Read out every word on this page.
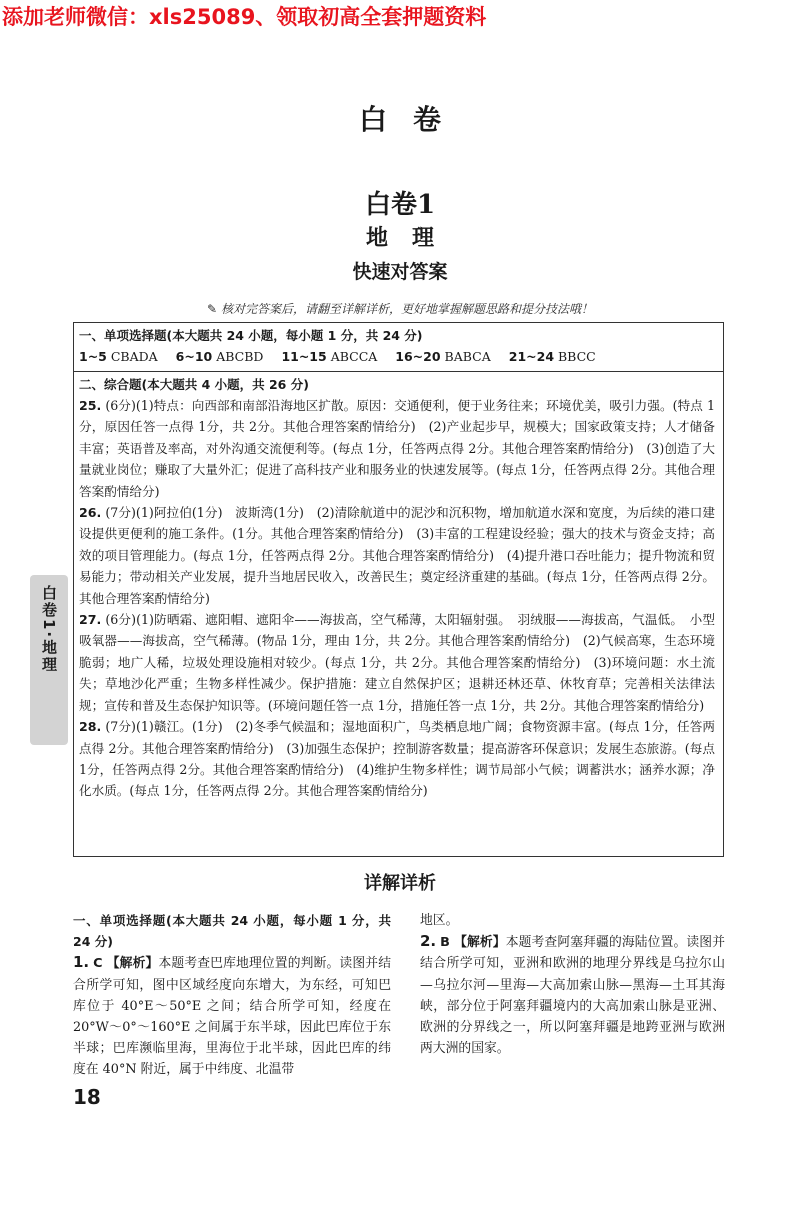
添加老师微信：xls25089、领取初高全套押题资料
白卷
白卷1
地理
快速对答案
✎ 核对完答案后，请翻至详解详析，更好地掌握解题思路和提分技法哦！
一、单项选择题(本大题共 24 小题，每小题 1 分，共 24 分)
1~5 CBADA 6~10 ABCBD 11~15 ABCCA 16~20 BABCA 21~24 BBCC
二、综合题(本大题共 4 小题，共 26 分)
25. (6分)(1)特点：向西部和南部沿海地区扩散。原因：交通便利，便于业务往来；环境优美，吸引力强。(特点 1分，原因任答一点得 1分，共 2分。其他合理答案酌情给分)　(2)产业起步早，规模大；国家政策支持；人才储备丰富；英语普及率高，对外沟通交流便利等。(每点 1分，任答两点得 2分。其他合理答案酌情给分)　(3)创造了大量就业岗位；赚取了大量外汇；促进了高科技产业和服务业的快速发展等。(每点 1分，任答两点得 2分。其他合理答案酌情给分)
26. (7分)(1)阿拉伯(1分)　波斯湾(1分)　(2)清除航道中的泥沙和沉积物，增加航道水深和宽度，为后续的港口建设提供更便利的施工条件。(1分。其他合理答案酌情给分)　(3)丰富的工程建设经验；强大的技术与资金支持；高效的项目管理能力。(每点 1分，任答两点得 2分。其他合理答案酌情给分)　(4)提升港口吞吐能力；提升物流和贸易能力；带动相关产业发展，提升当地居民收入，改善民生；奠定经济重建的基础。(每点 1分，任答两点得 2分。其他合理答案酌情给分)
27. (6分)(1)防晒霜、遮阳帽、遮阳伞——海拔高，空气稀薄，太阳辐射强。　羽绒服——海拔高，气温低。　小型吸氧器——海拔高，空气稀薄。(物品 1分，理由 1分，共 2分。其他合理答案酌情给分)　(2)气候高寒，生态环境脆弱；地广人稀，垃圾处理设施相对较少。(每点 1分，共 2分。其他合理答案酌情给分)　(3)环境问题：水土流失；草地沙化严重；生物多样性减少。保护措施：建立自然保护区；退耕还林还草、休牧育草；完善相关法律法规；宣传和普及生态保护知识等。(环境问题任答一点 1分，措施任答一点 1分，共 2分。其他合理答案酌情给分)
28. (7分)(1)赣江。(1分)　(2)冬季气候温和；湿地面积广，鸟类栖息地广阔；食物资源丰富。(每点 1分，任答两点得 2分。其他合理答案酌情给分)　(3)加强生态保护；控制游客数量；提高游客环保意识；发展生态旅游。(每点 1分，任答两点得 2分。其他合理答案酌情给分)　(4)维护生物多样性；调节局部小气候；调蓄洪水；涵养水源；净化水质。(每点 1分，任答两点得 2分。其他合理答案酌情给分)
白卷1·地理
详解详析
一、单项选择题(本大题共 24 小题，每小题 1 分，共 24 分)
1. C 【解析】本题考查巴库地理位置的判断。读图并结合所学可知，图中区域经度向东增大，为东经，可知巴库位于 40°E～50°E 之间；结合所学可知，经度在 20°W～0°～160°E 之间属于东半球，因此巴库位于东半球；巴库濒临里海，里海位于北半球，因此巴库的纬度在 40°N 附近，属于中纬度、北温带
地区。
2. B 【解析】本题考查阿塞拜疆的海陆位置。读图并结合所学可知，亚洲和欧洲的地理分界线是乌拉尔山—乌拉尔河—里海—大高加索山脉—黑海—土耳其海峡，部分位于阿塞拜疆境内的大高加索山脉是亚洲、欧洲的分界线之一，所以阿塞拜疆是地跨亚洲与欧洲两大洲的国家。
18
